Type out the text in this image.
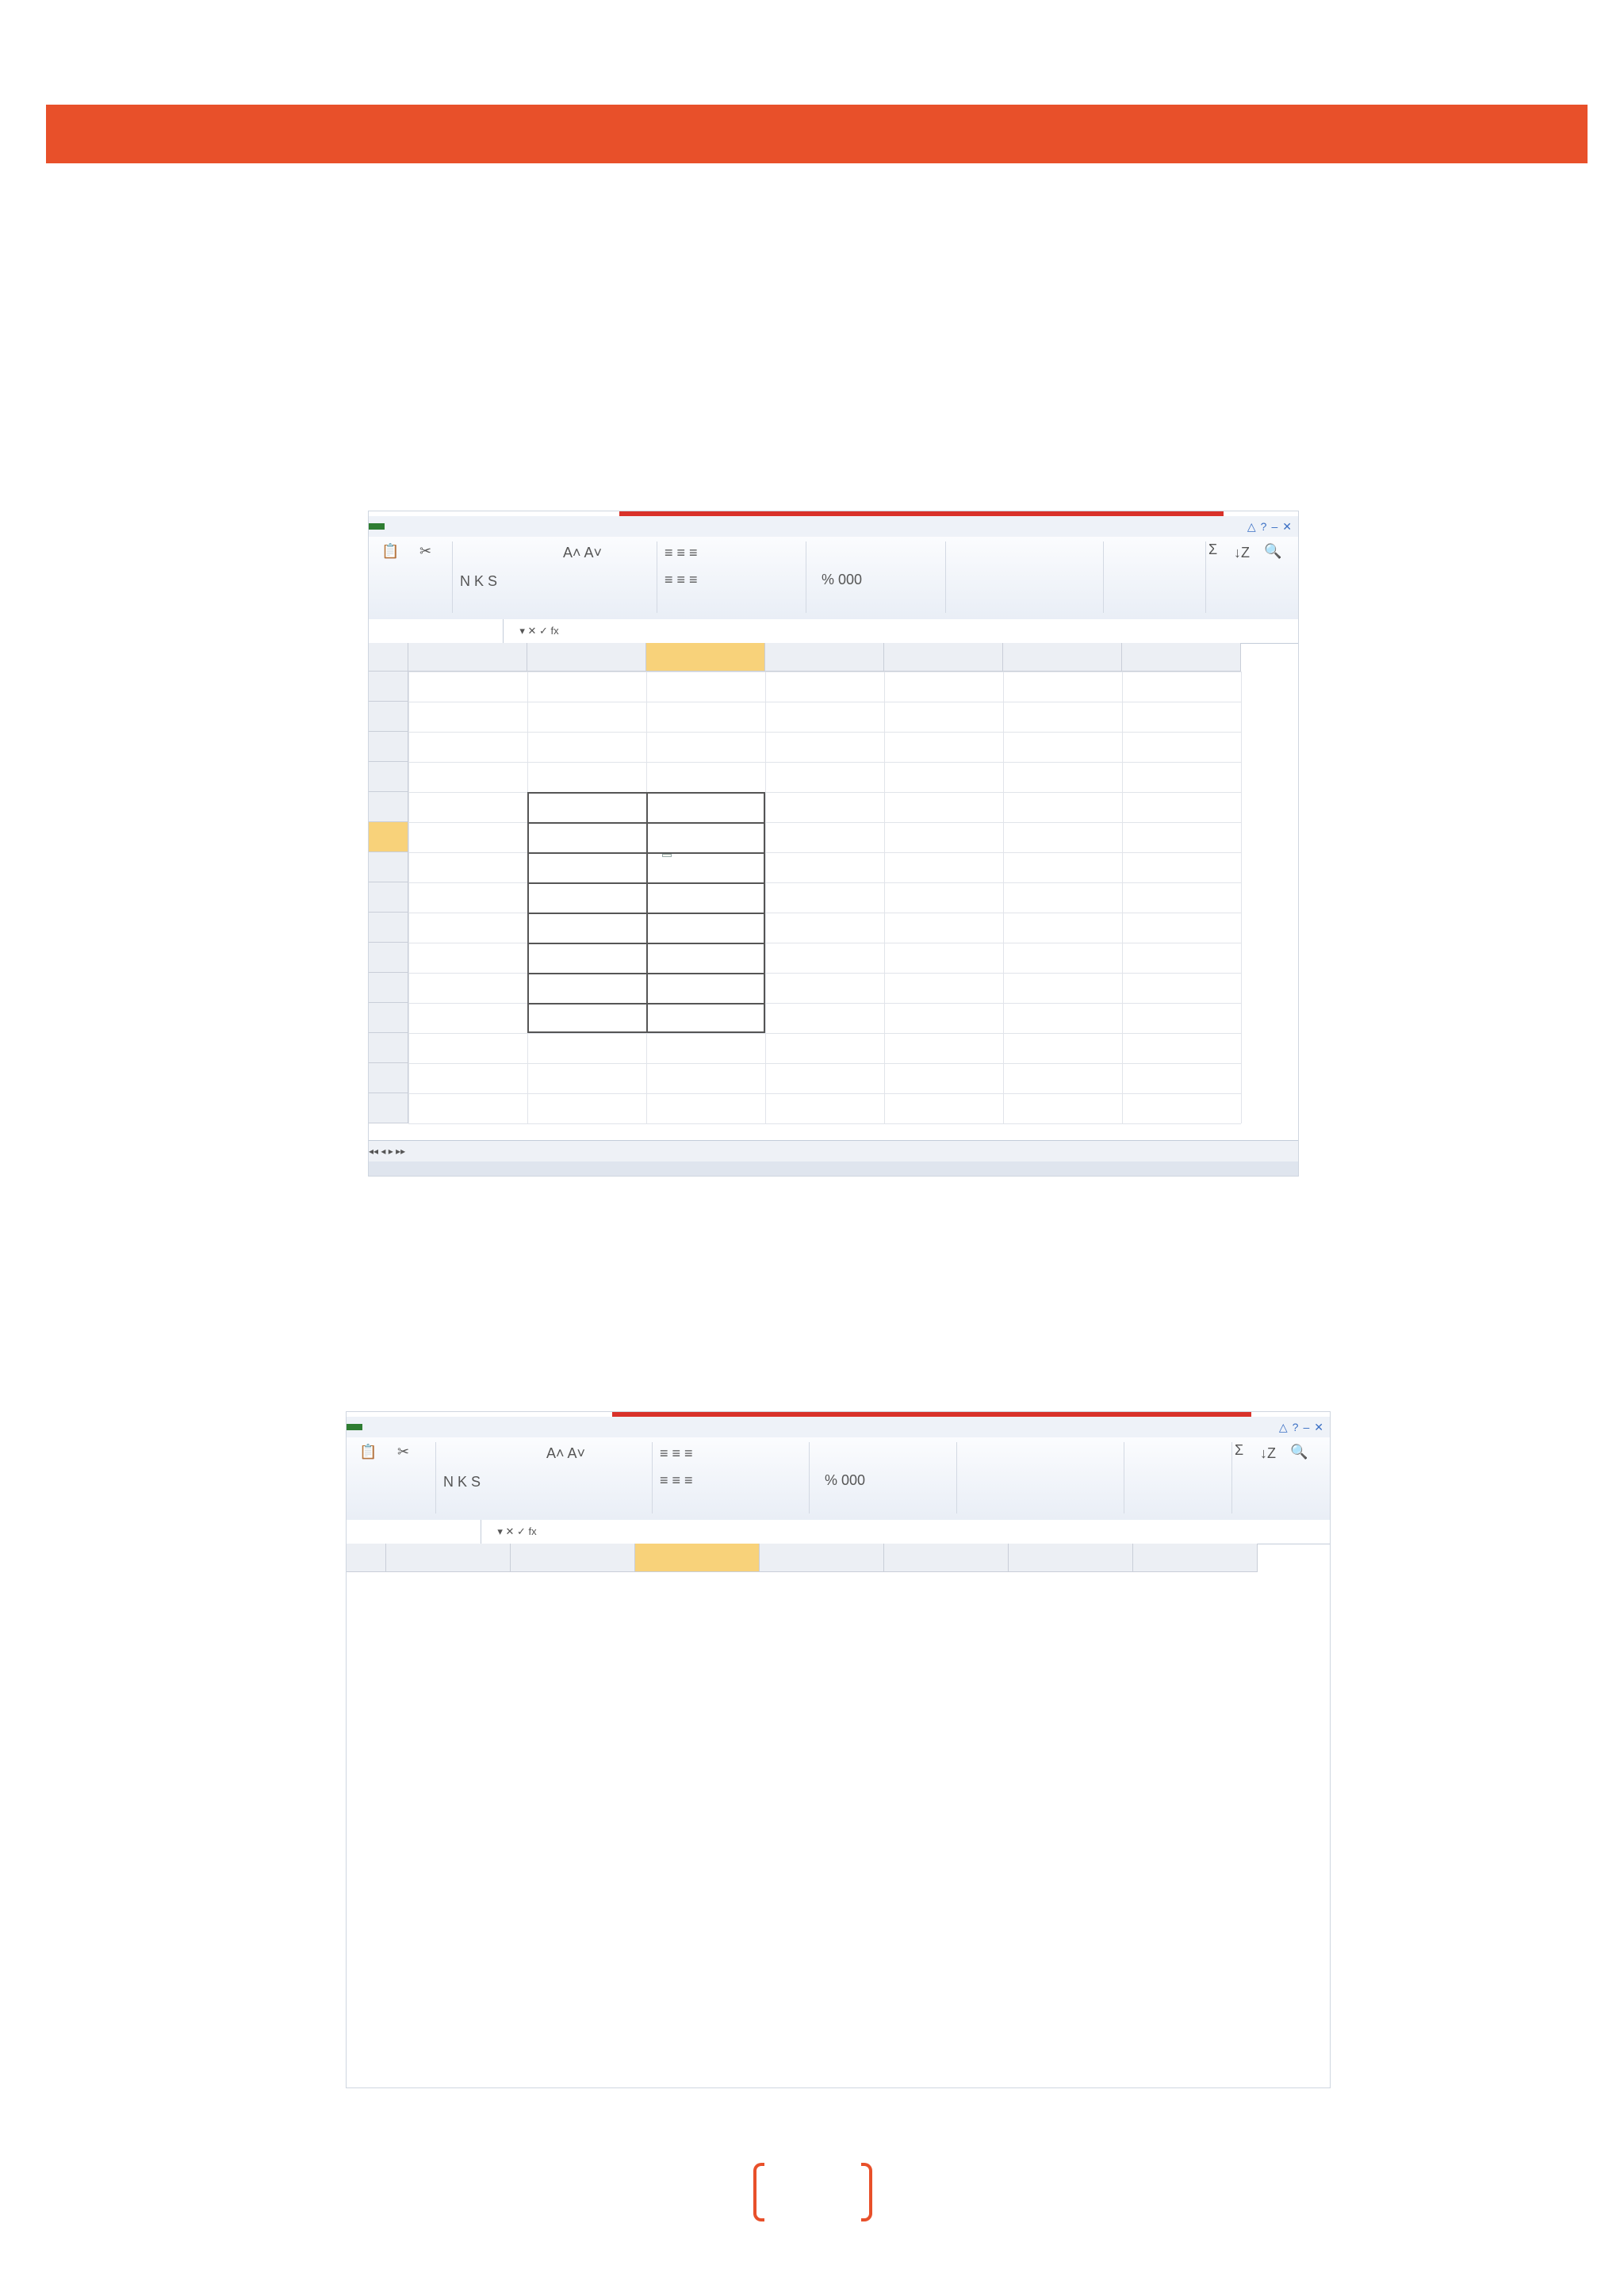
△ ? – ✕
📋 ✂
N K S
A˄ A˅	≡ ≡ ≡
≡ ≡ ≡	% 000
Σ ↓Z 🔍
▾ ✕ ✓ fx
◂◂ ◂ ▸ ▸▸
△ ? – ✕
📋 ✂
N K S
A˄ A˅	≡ ≡ ≡
≡ ≡ ≡	% 000
Σ ↓Z 🔍
▾ ✕ ✓ fx
